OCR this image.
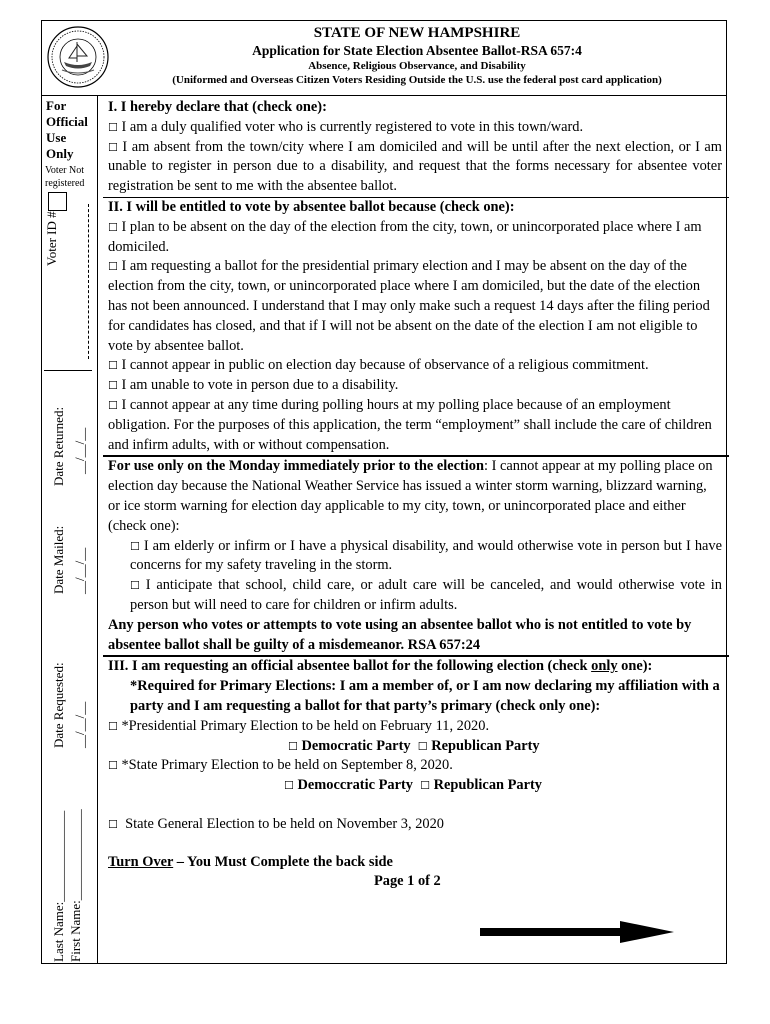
STATE OF NEW HAMPSHIRE
Application for State Election Absentee Ballot-RSA 657:4
Absence, Religious Observance, and Disability
(Uniformed and Overseas Citizen Voters Residing Outside the U.S. use the federal post card application)
For
Official
Use
Only
Voter Not
registered
Voter ID #
Date Returned: __/__/__
Date Mailed: __/__/__
Date Requested: __/__/__
Last Name:______________ First Name:______________

I. I hereby declare that (check one):

☐ I am a duly qualified voter who is currently registered to vote in this town/ward.

☐ I am absent from the town/city where I am domiciled and will be until after the next election, or I am unable to register in person due to a disability, and request that the forms necessary for absentee voter registration be sent to me with the absentee ballot.

II. I will be entitled to vote by absentee ballot because (check one):

☐ I plan to be absent on the day of the election from the city, town, or unincorporated place where I am domiciled.

☐ I am requesting a ballot for the presidential primary election and I may be absent on the day of the election from the city, town, or unincorporated place where I am domiciled, but the date of the election has not been announced. I understand that I may only make such a request 14 days after the filing period for candidates has closed, and that if I will not be absent on the date of the election I am not eligible to vote by absentee ballot.

☐ I cannot appear in public on election day because of observance of a religious commitment.

☐ I am unable to vote in person due to a disability.

☐ I cannot appear at any time during polling hours at my polling place because of an employment obligation. For the purposes of this application, the term “employment” shall include the care of children and infirm adults, with or without compensation.

For use only on the Monday immediately prior to the election: I cannot appear at my polling place on election day because the National Weather Service has issued a winter storm warning, blizzard warning, or ice storm warning for election day applicable to my city, town, or unincorporated place and either (check one):

☐ I am elderly or infirm or I have a physical disability, and would otherwise vote in person but I have concerns for my safety traveling in the storm.

☐ I anticipate that school, child care, or adult care will be canceled, and would otherwise vote in person but will need to care for children or infirm adults.

Any person who votes or attempts to vote using an absentee ballot who is not entitled to vote by absentee ballot shall be guilty of a misdemeanor. RSA 657:24

III. I am requesting an official absentee ballot for the following election (check only one):

*Required for Primary Elections: I am a member of, or I am now declaring my affiliation with a party and I am requesting a ballot for that party’s primary (check only one):

☐ *Presidential Primary Election to be held on February 11, 2020.

☐ Democratic Party ☐ Republican Party

☐ *State Primary Election to be held on September 8, 2020.

☐ Democcratic Party ☐ Republican Party

☐ State General Election to be held on November 3, 2020

Turn Over – You Must Complete the back side

Page 1 of 2
